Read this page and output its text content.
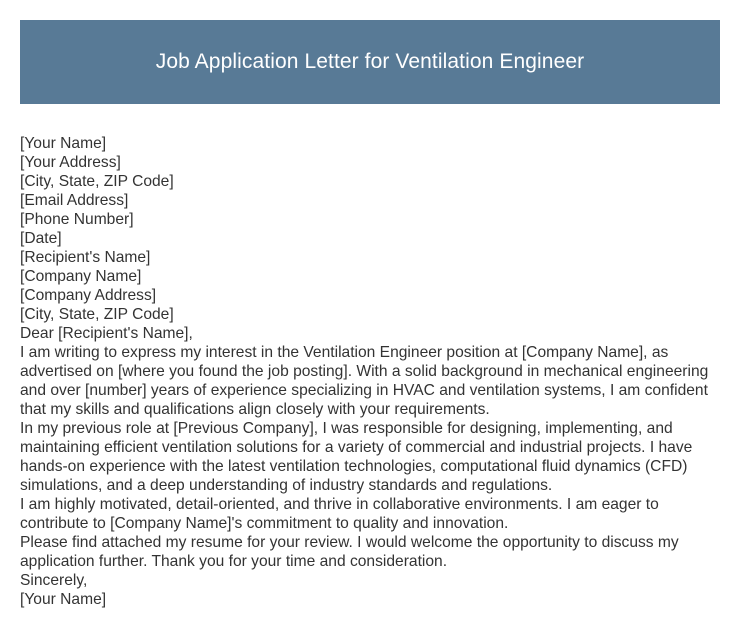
Job Application Letter for Ventilation Engineer

[Your Name]

[Your Address]

[City, State, ZIP Code]

[Email Address]

[Phone Number]

[Date]

[Recipient's Name]

[Company Name]

[Company Address]

[City, State, ZIP Code]

Dear [Recipient's Name],

I am writing to express my interest in the Ventilation Engineer position at [Company Name], as advertised on [where you found the job posting]. With a solid background in mechanical engineering and over [number] years of experience specializing in HVAC and ventilation systems, I am confident that my skills and qualifications align closely with your requirements.

In my previous role at [Previous Company], I was responsible for designing, implementing, and maintaining efficient ventilation solutions for a variety of commercial and industrial projects. I have hands-on experience with the latest ventilation technologies, computational fluid dynamics (CFD) simulations, and a deep understanding of industry standards and regulations.

I am highly motivated, detail-oriented, and thrive in collaborative environments. I am eager to contribute to [Company Name]'s commitment to quality and innovation.

Please find attached my resume for your review. I would welcome the opportunity to discuss my application further. Thank you for your time and consideration.

Sincerely,

[Your Name]
